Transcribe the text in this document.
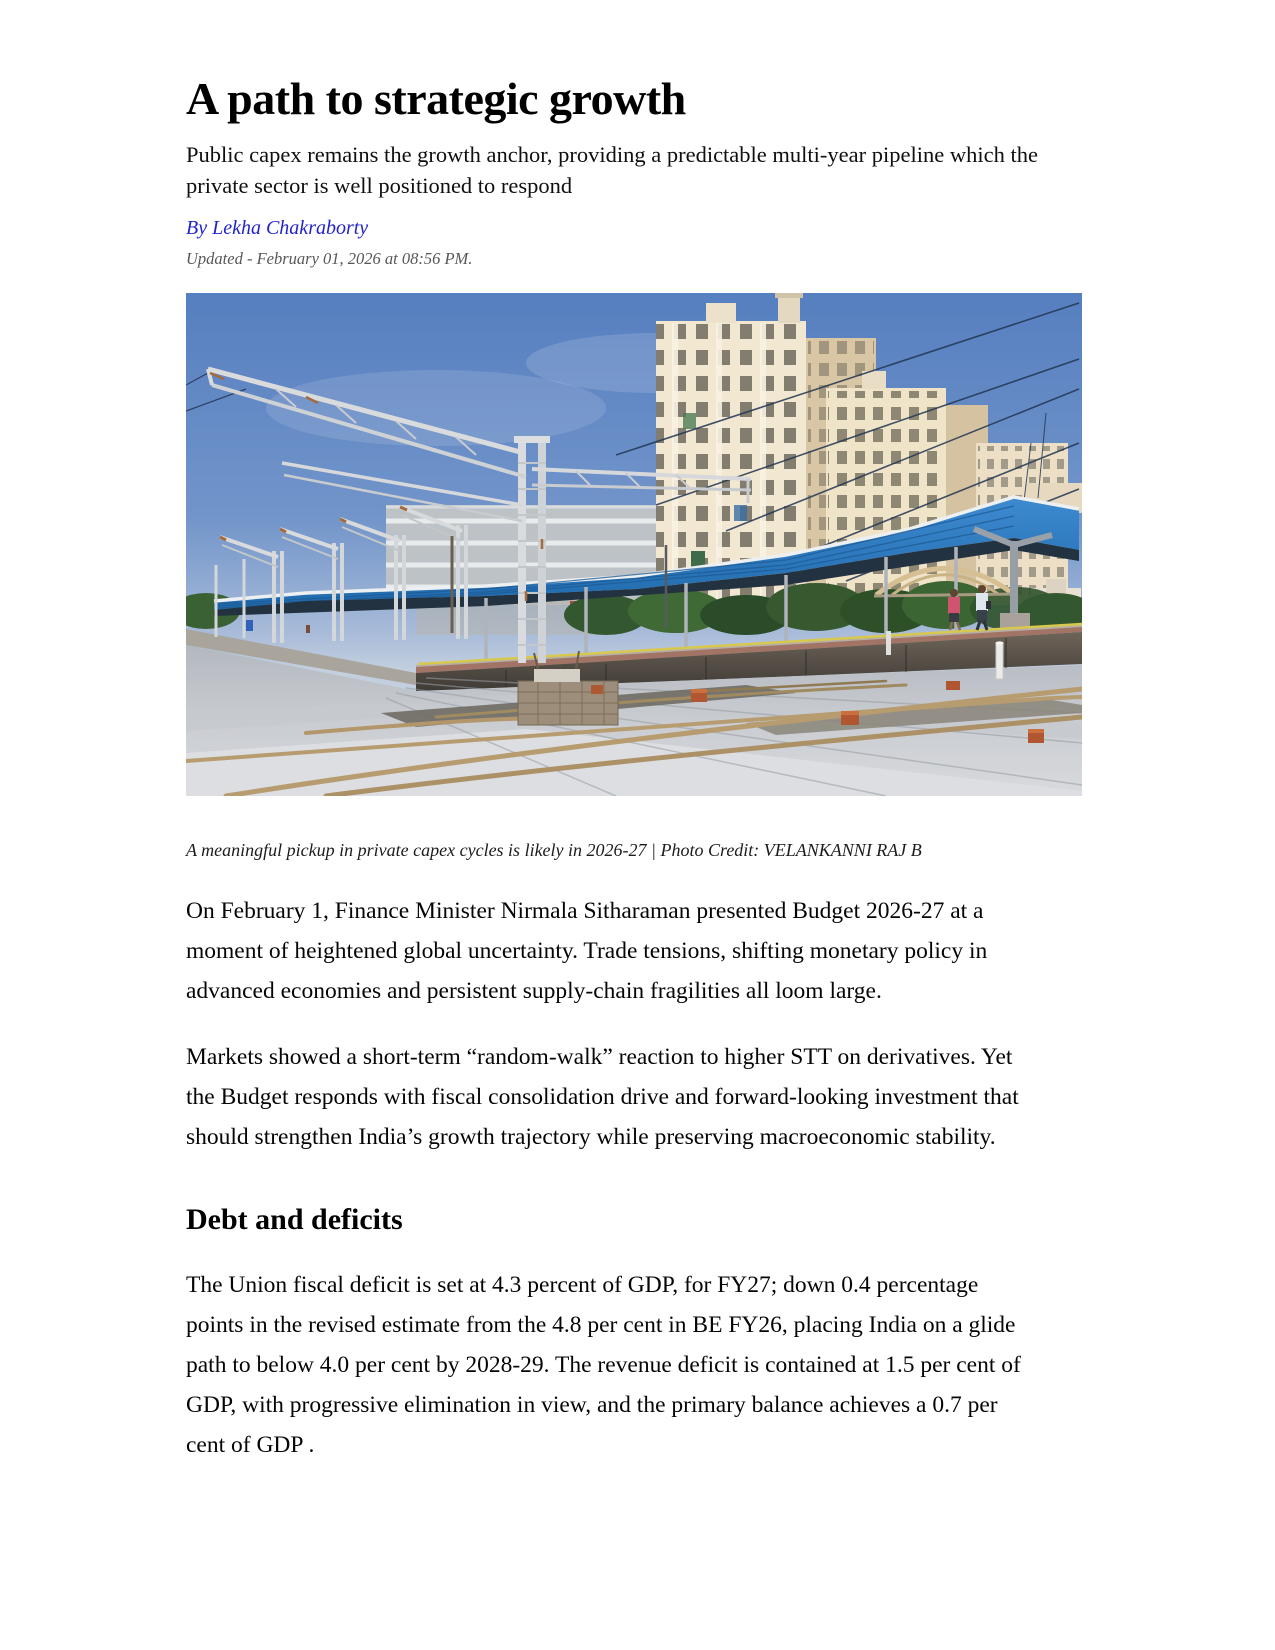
A path to strategic growth

Public capex remains the growth anchor, providing a predictable multi-year pipeline which the private sector is well positioned to respond

By Lekha Chakraborty

Updated - February 01, 2026 at 08:56 PM.

A meaningful pickup in private capex cycles is likely in 2026-27 | Photo Credit: VELANKANNI RAJ B

On February 1, Finance Minister Nirmala Sitharaman presented Budget 2026-27 at a moment of heightened global uncertainty. Trade tensions, shifting monetary policy in advanced economies and persistent supply-chain fragilities all loom large.

Markets showed a short-term “random-walk” reaction to higher STT on derivatives. Yet the Budget responds with fiscal consolidation drive and forward-looking investment that should strengthen India’s growth trajectory while preserving macroeconomic stability.

Debt and deficits

The Union fiscal deficit is set at 4.3 percent of GDP, for FY27; down 0.4 percentage points in the revised estimate from the 4.8 per cent in BE FY26, placing India on a glide path to below 4.0 per cent by 2028-29. The revenue deficit is contained at 1.5 per cent of GDP, with progressive elimination in view, and the primary balance achieves a 0.7 per cent of GDP .
